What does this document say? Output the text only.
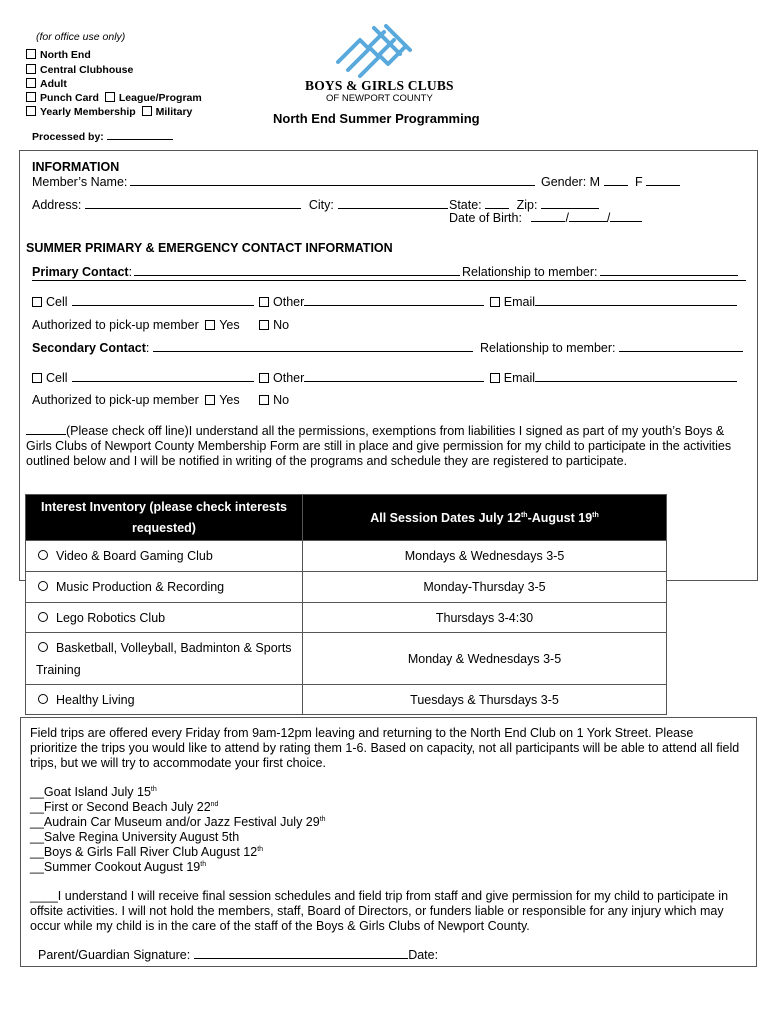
(for office use only)
North End
Central Clubhouse
Adult
Punch Card League/Program
Yearly Membership Military
Processed by:
BOYS & GIRLS CLUBS
OF NEWPORT COUNTY
North End Summer Programming
INFORMATION
Member’s Name:	Gender: M	F
Address:	City:	State:	Zip:
Date of Birth:	/	/
SUMMER PRIMARY & EMERGENCY CONTACT INFORMATION
Primary Contact:	Relationship to member:
Cell	Other	Email
Authorized to pick-up member Yes	No
Secondary Contact:	Relationship to member:
Cell	Other	Email
Authorized to pick-up member Yes	No
(Please check off line)I understand all the permissions, exemptions from liabilities I signed as part of my youth’s Boys &
Girls Clubs of Newport County Membership Form are still in place and give permission for my child to participate in the activities
outlined below and I will be notified in writing of the programs and schedule they are registered to participate.
Interest Inventory (please check interests
requested)	All Session Dates July 12th-August 19th
Video & Board Gaming Club	Mondays & Wednesdays 3-5
Music Production & Recording	Monday-Thursday 3-5
Lego Robotics Club	Thursdays 3-4:30

Basketball, Volleyball, Badminton & Sports
Training	Monday & Wednesdays 3-5
Healthy Living	Tuesdays & Thursdays 3-5
Field trips are offered every Friday from 9am-12pm leaving and returning to the North End Club on 1 York Street. Please
prioritize the trips you would like to attend by rating them 1-6. Based on capacity, not all participants will be able to attend all field
trips, but we will try to accommodate your first choice.
__Goat Island July 15th
__First or Second Beach July 22nd
__Audrain Car Museum and/or Jazz Festival July 29th
__Salve Regina University August 5th
__Boys & Girls Fall River Club August 12th
__Summer Cookout August 19th
____I understand I will receive final session schedules and field trip from staff and give permission for my child to participate in
offsite activities. I will not hold the members, staff, Board of Directors, or funders liable or responsible for any injury which may
occur while my child is in the care of the staff of the Boys & Girls Clubs of Newport County.
Parent/Guardian Signature:	Date:
